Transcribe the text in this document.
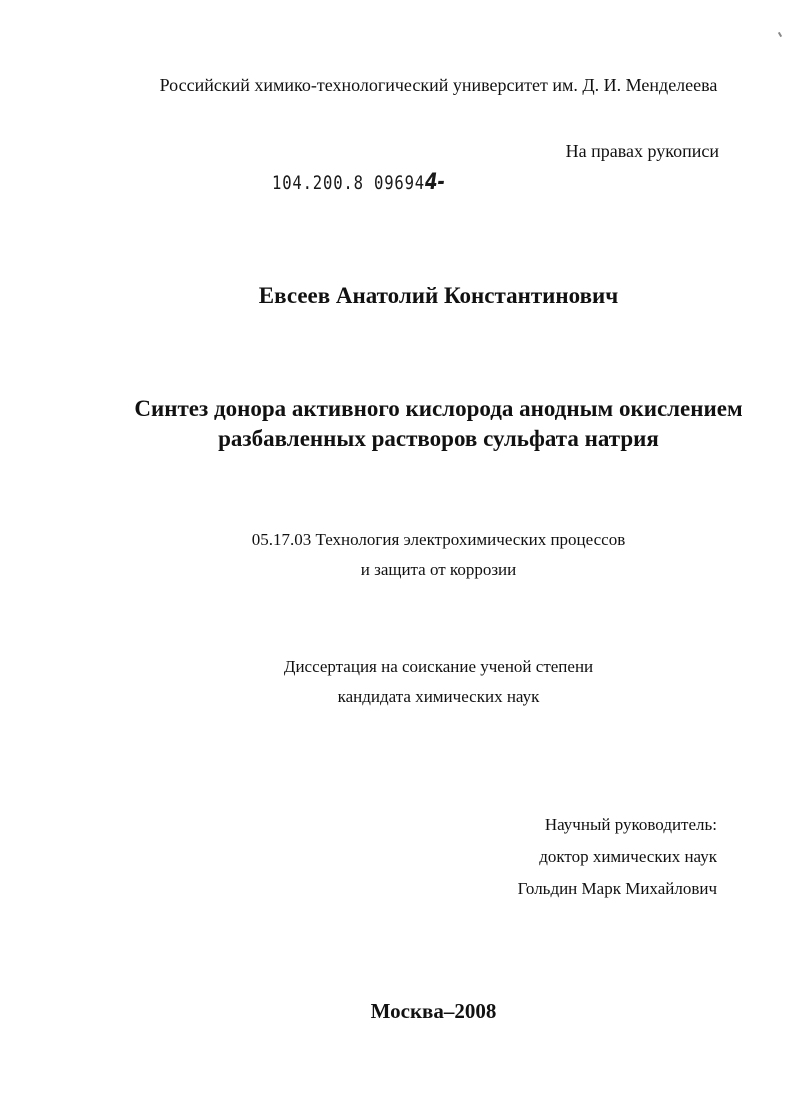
Российский химико-технологический университет им. Д. И. Менделеева
На правах рукописи
104.200.8 096944-
Евсеев Анатолий Константинович
Синтез донора активного кислорода анодным окислением
разбавленных растворов сульфата натрия
05.17.03 Технология электрохимических процессов
и защита от коррозии
Диссертация на соискание ученой степени
кандидата химических наук
Научный руководитель:
доктор химических наук
Гольдин Марк Михайлович
Москва–2008
